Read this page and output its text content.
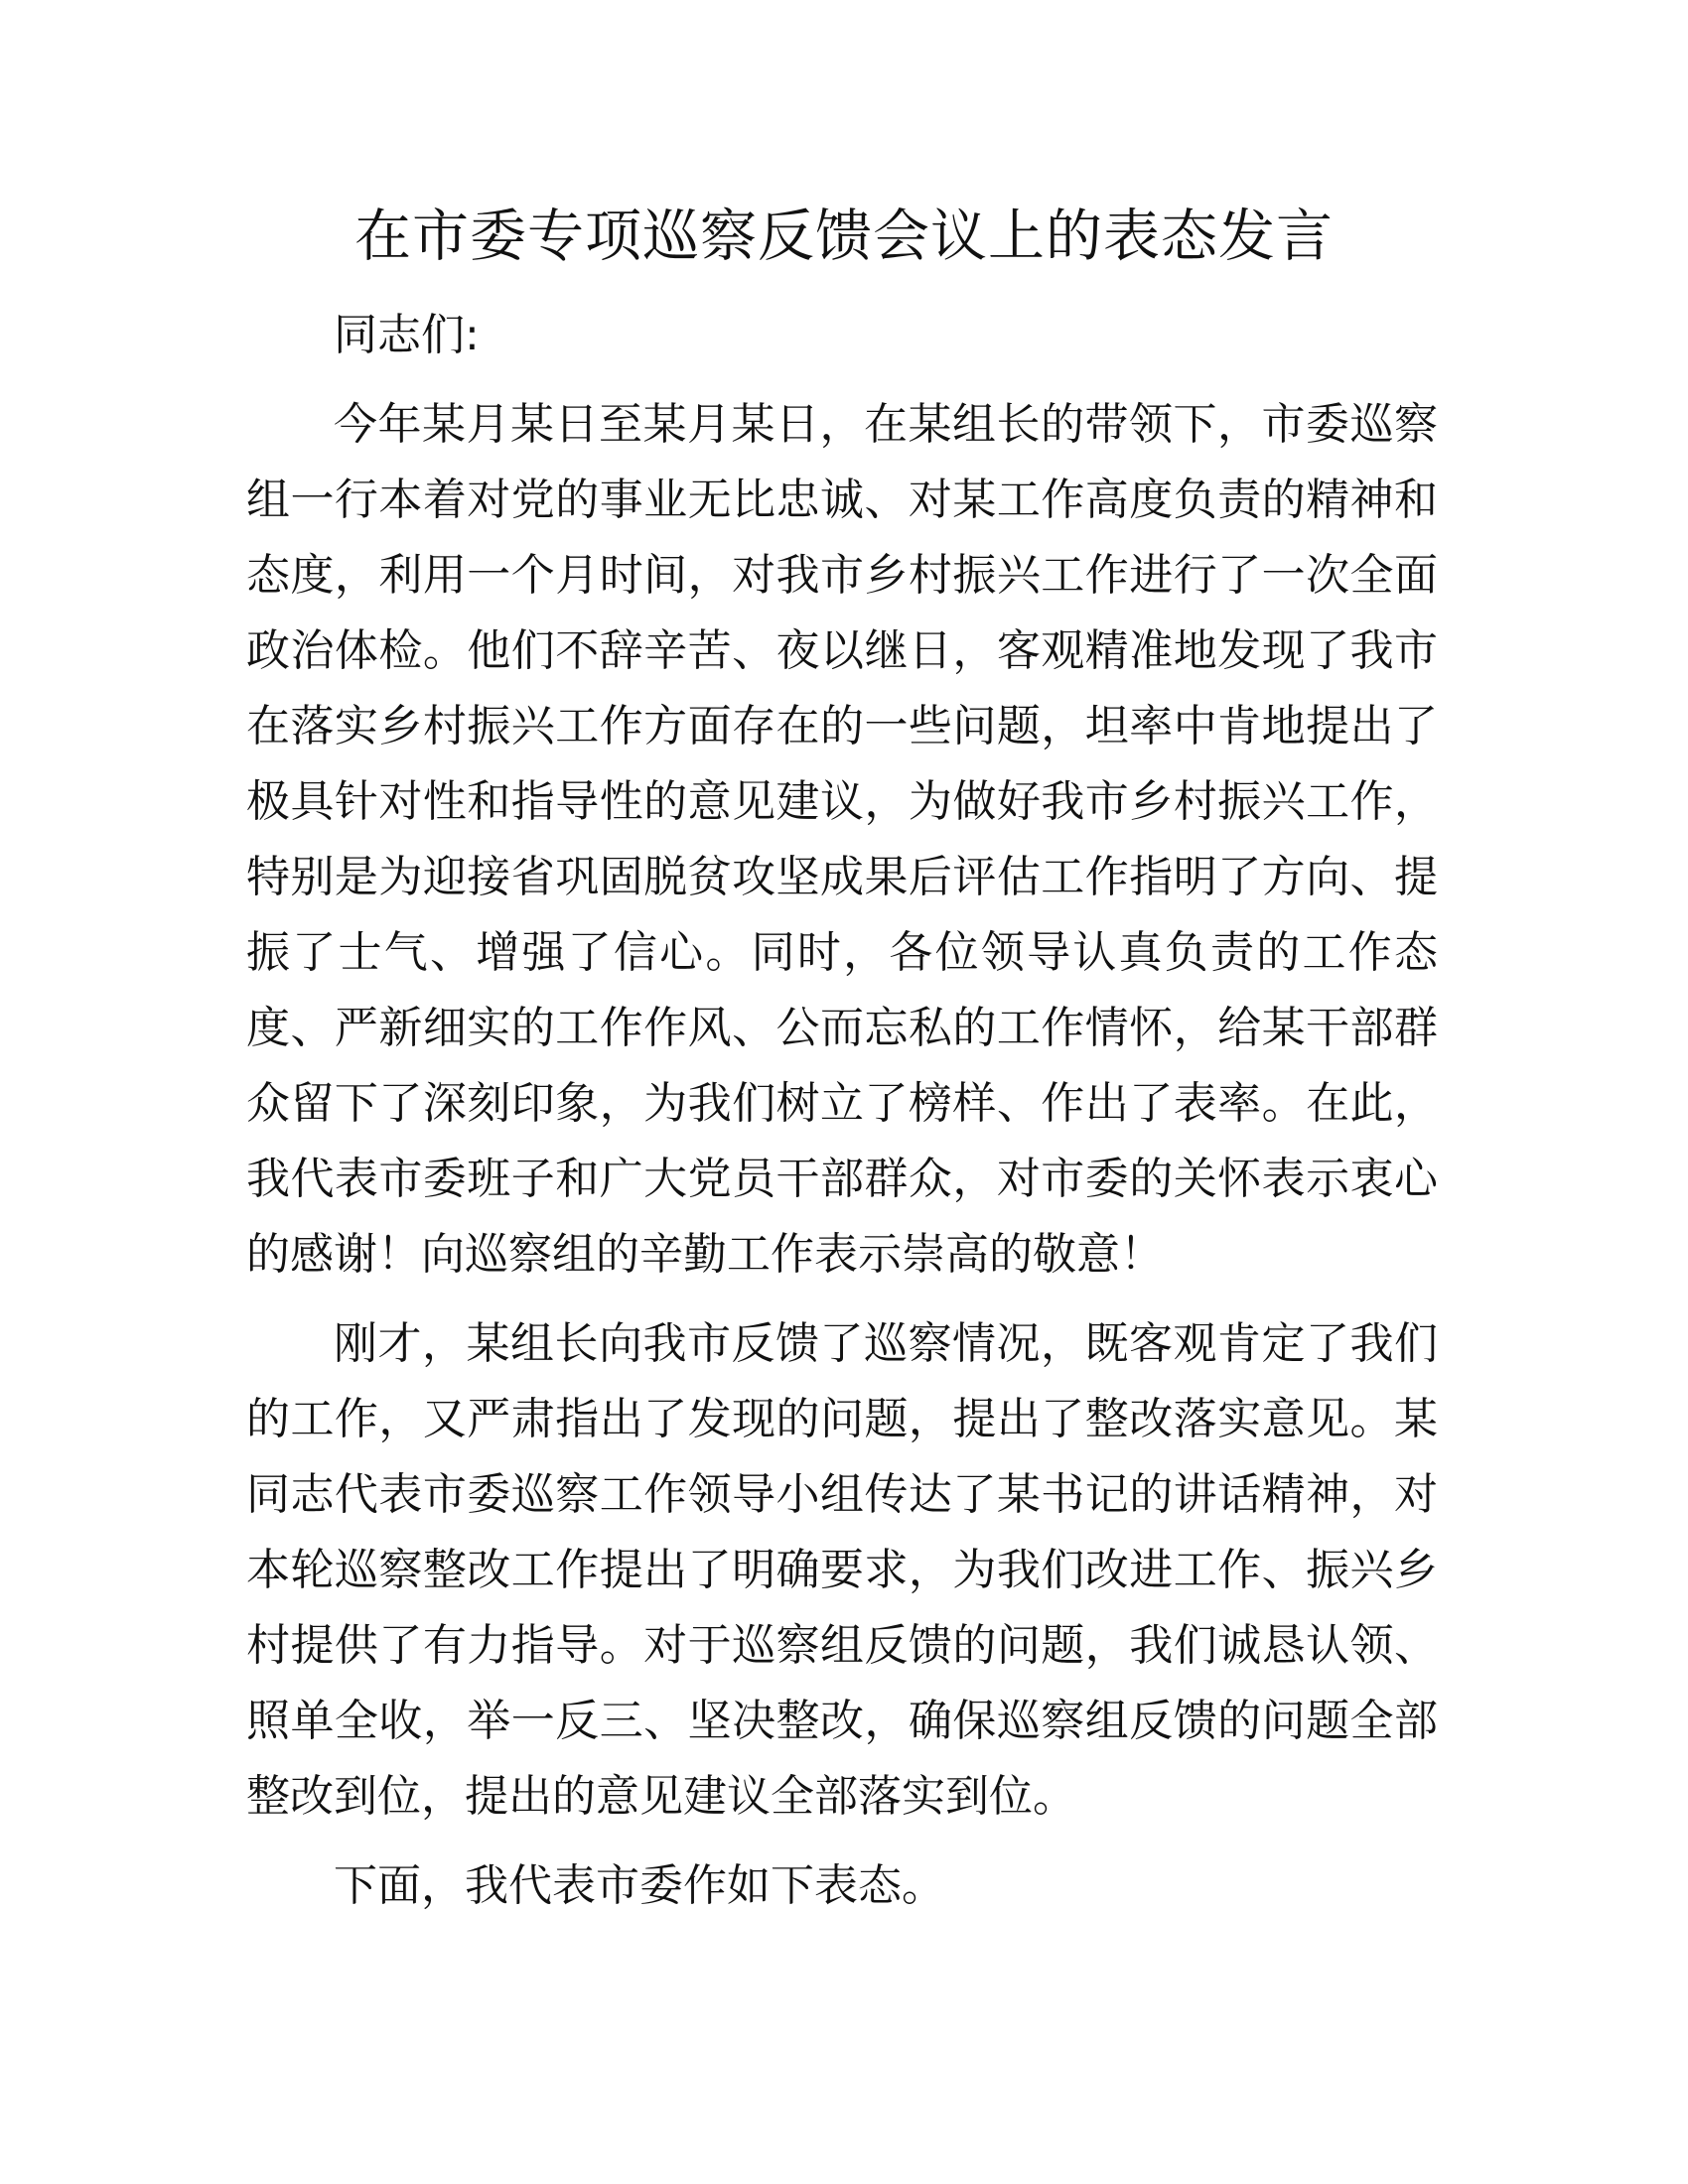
在市委专项巡察反馈会议上的表态发言

同志们:

今年某月某日至某月某日，在某组长的带领下，市委巡察组一行本着对党的事业无比忠诚、对某工作高度负责的精神和态度，利用一个月时间，对我市乡村振兴工作进行了一次全面政治体检。他们不辞辛苦、夜以继日，客观精准地发现了我市在落实乡村振兴工作方面存在的一些问题，坦率中肯地提出了极具针对性和指导性的意见建议，为做好我市乡村振兴工作，特别是为迎接省巩固脱贫攻坚成果后评估工作指明了方向、提振了士气、增强了信心。同时，各位领导认真负责的工作态度、严新细实的工作作风、公而忘私的工作情怀，给某干部群众留下了深刻印象，为我们树立了榜样、作出了表率。在此，我代表市委班子和广大党员干部群众，对市委的关怀表示衷心的感谢！向巡察组的辛勤工作表示崇高的敬意！

刚才，某组长向我市反馈了巡察情况，既客观肯定了我们的工作，又严肃指出了发现的问题，提出了整改落实意见。某同志代表市委巡察工作领导小组传达了某书记的讲话精神，对本轮巡察整改工作提出了明确要求，为我们改进工作、振兴乡村提供了有力指导。对于巡察组反馈的问题，我们诚恳认领、照单全收，举一反三、坚决整改，确保巡察组反馈的问题全部整改到位，提出的意见建议全部落实到位。

下面，我代表市委作如下表态。
